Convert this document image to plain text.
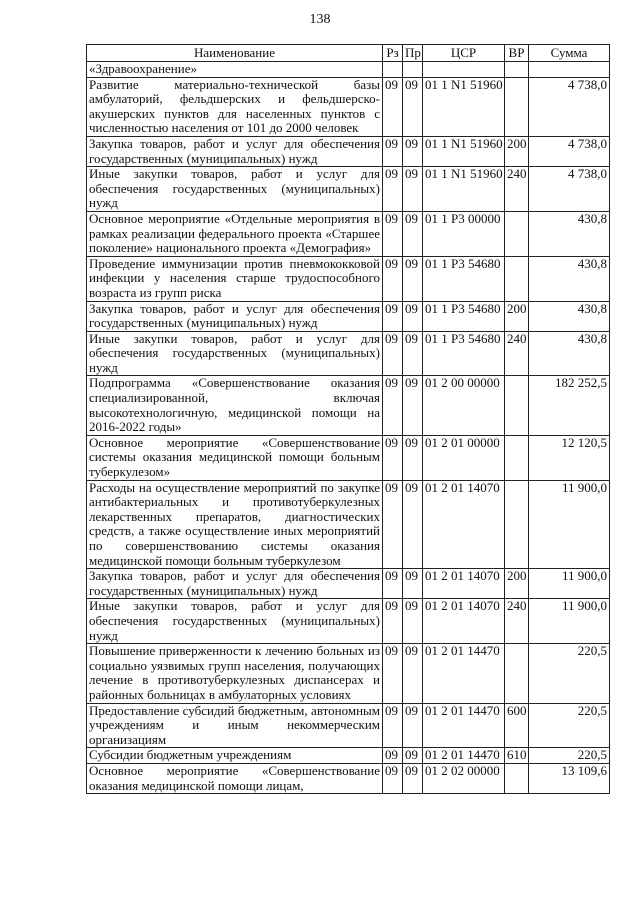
138
Наименование	Рз	Пр	ЦСР	ВР	Сумма
«Здравоохранение»					
Развитие материально-технической базы амбулаторий, фельдшерских и фельдшерско-акушерских пунктов для населенных пунктов с численностью населения от 101 до 2000 человек	09	09	01 1 N1 51960		4 738,0
Закупка товаров, работ и услуг для обеспечения государственных (муниципальных) нужд	09	09	01 1 N1 51960	200	4 738,0
Иные закупки товаров, работ и услуг для обеспечения государственных (муниципальных) нужд	09	09	01 1 N1 51960	240	4 738,0
Основное мероприятие «Отдельные мероприятия в рамках реализации федерального проекта «Старшее поколение» национального проекта «Демография»	09	09	01 1 P3 00000		430,8
Проведение иммунизации против пневмококковой инфекции у населения старше трудоспособного возраста из групп риска	09	09	01 1 P3 54680		430,8
Закупка товаров, работ и услуг для обеспечения государственных (муниципальных) нужд	09	09	01 1 P3 54680	200	430,8
Иные закупки товаров, работ и услуг для обеспечения государственных (муниципальных) нужд	09	09	01 1 P3 54680	240	430,8
Подпрограмма «Совершенствование оказания специализированной, включая высокотехнологичную, медицинской помощи на 2016-2022 годы»	09	09	01 2 00 00000		182 252,5
Основное мероприятие «Совершенствование системы оказания медицинской помощи больным туберкулезом»	09	09	01 2 01 00000		12 120,5
Расходы на осуществление мероприятий по закупке антибактериальных и противотуберкулезных лекарственных препаратов, диагностических средств, а также осуществление иных мероприятий по совершенствованию системы оказания медицинской помощи больным туберкулезом	09	09	01 2 01 14070		11 900,0
Закупка товаров, работ и услуг для обеспечения государственных (муниципальных) нужд	09	09	01 2 01 14070	200	11 900,0
Иные закупки товаров, работ и услуг для обеспечения государственных (муниципальных) нужд	09	09	01 2 01 14070	240	11 900,0
Повышение приверженности к лечению больных из социально уязвимых групп населения, получающих лечение в противотуберкулезных диспансерах и районных больницах в амбулаторных условиях	09	09	01 2 01 14470		220,5
Предоставление субсидий бюджетным, автономным учреждениям и иным некоммерческим организациям	09	09	01 2 01 14470	600	220,5
Субсидии бюджетным учреждениям	09	09	01 2 01 14470	610	220,5
Основное мероприятие «Совершенствование оказания медицинской помощи лицам,	09	09	01 2 02 00000		13 109,6
